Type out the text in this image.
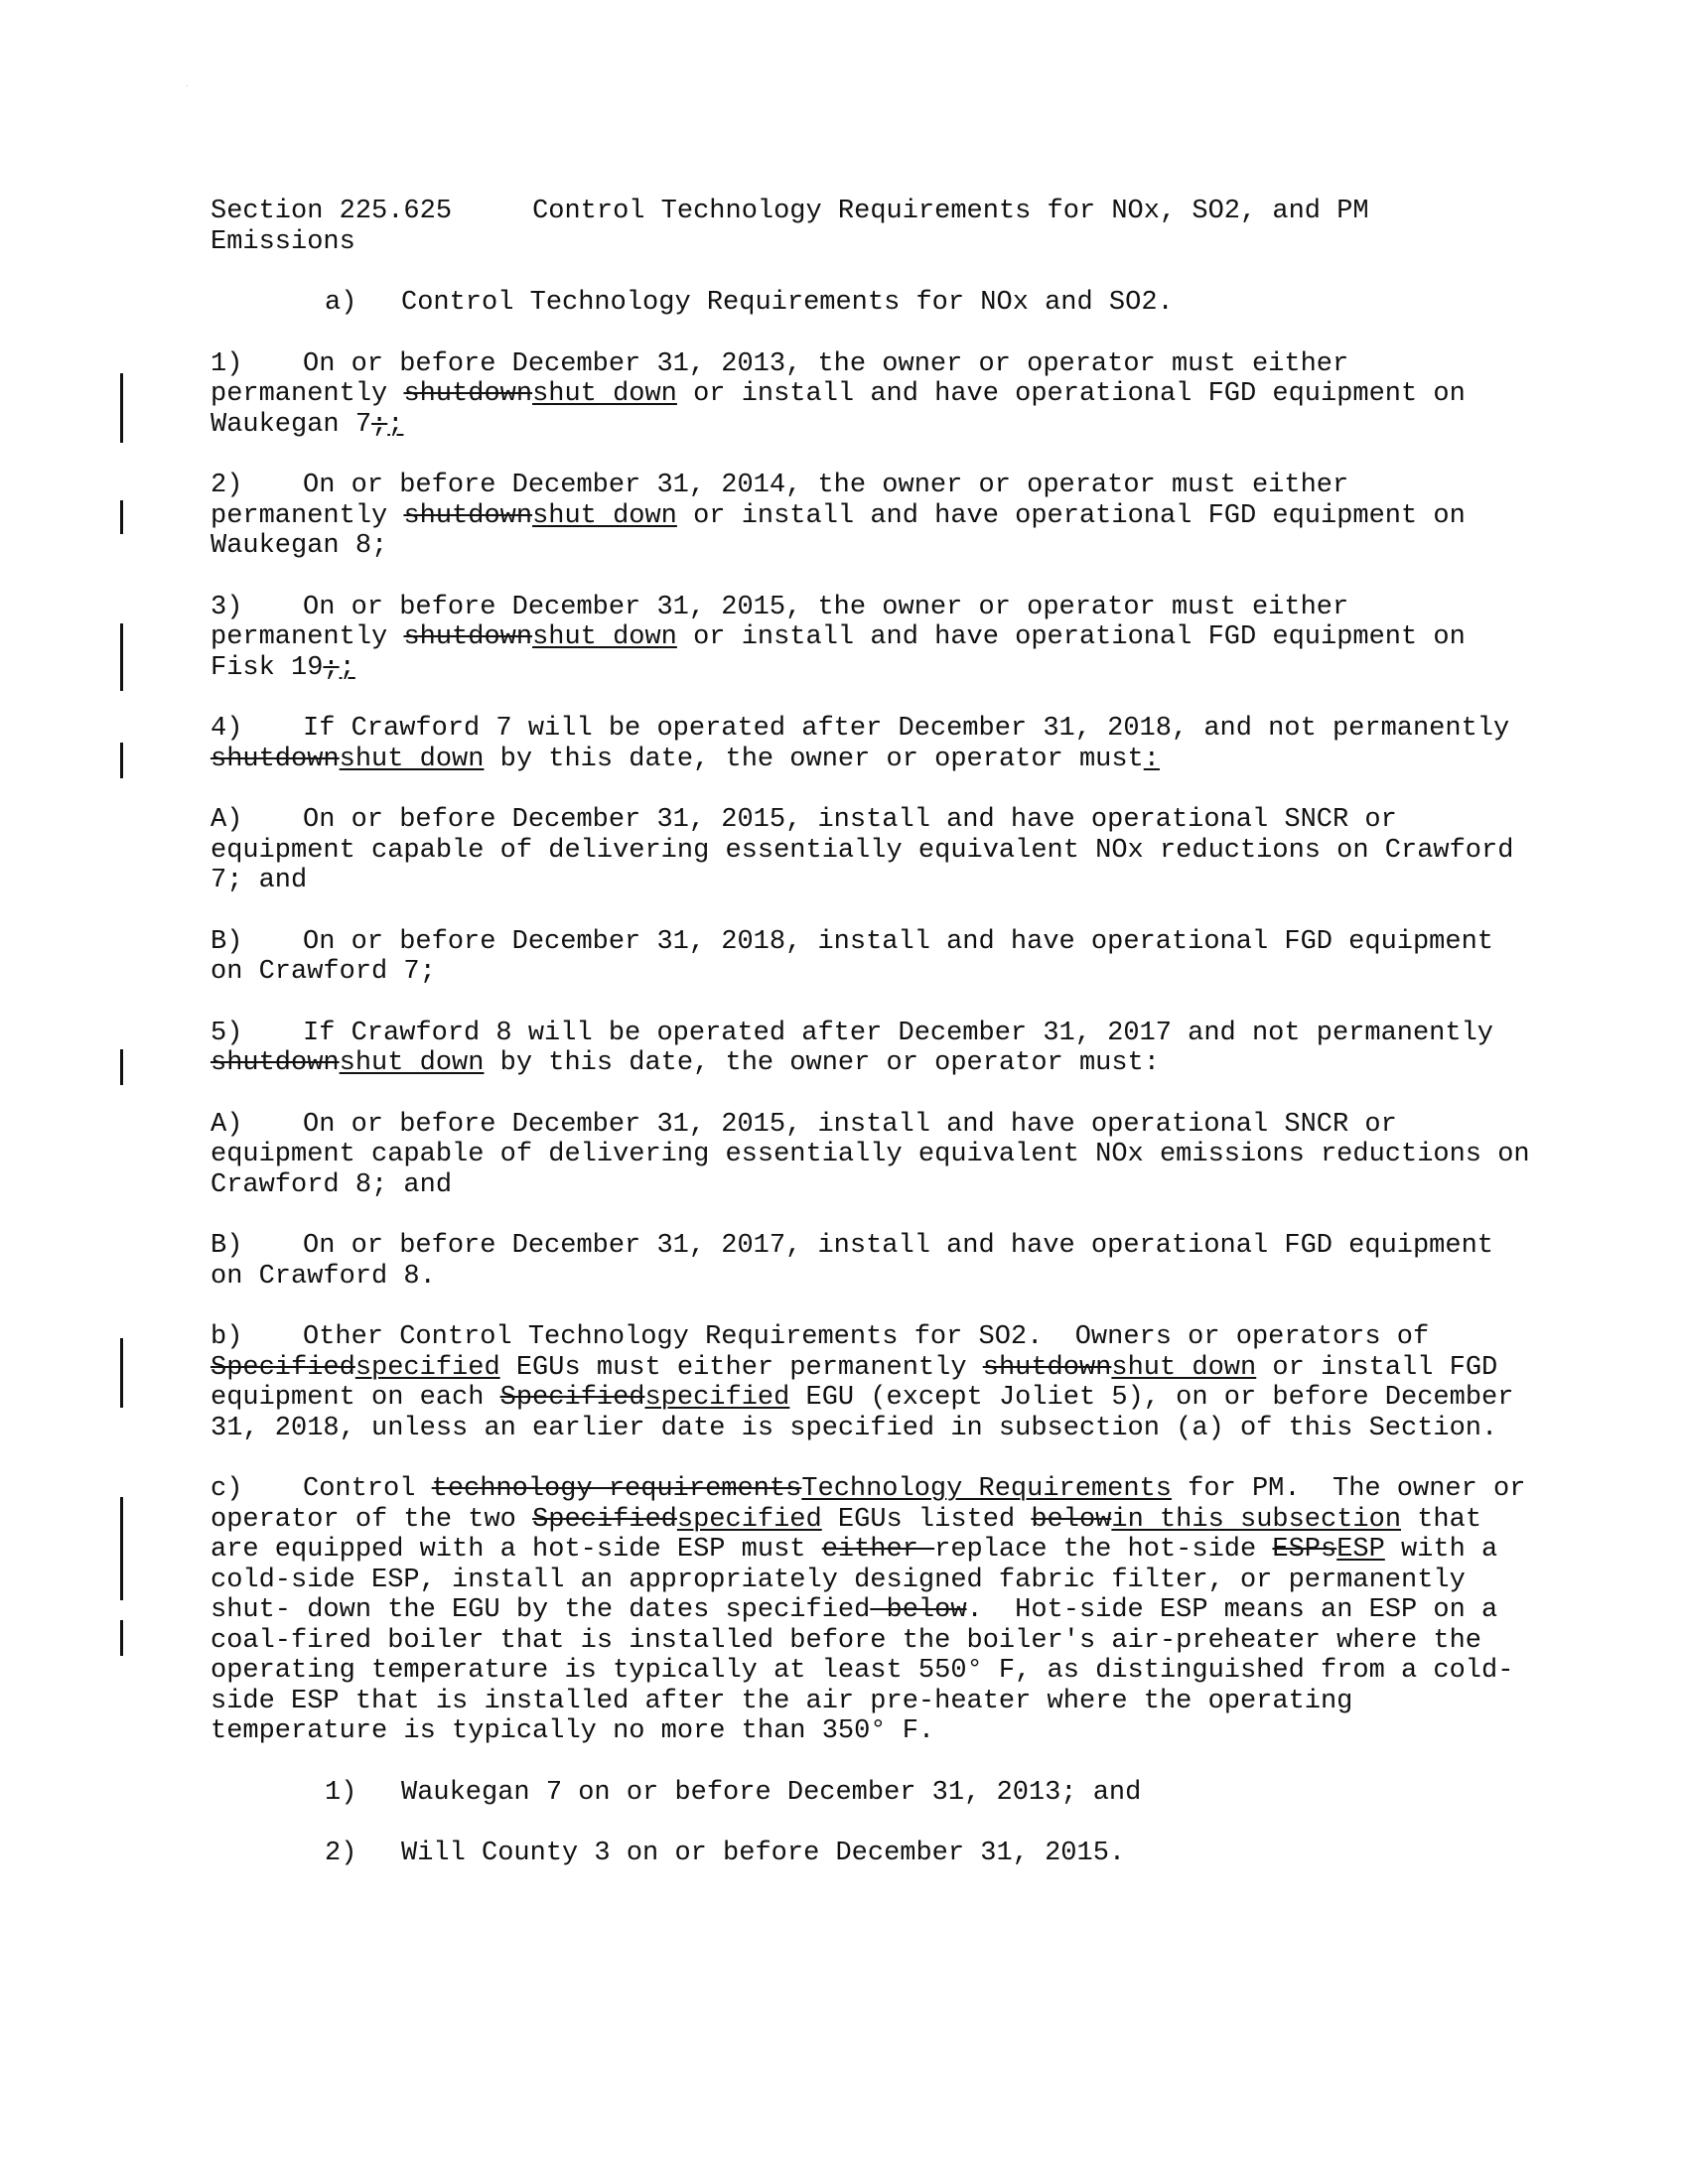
Section 225.625	Control Technology Requirements for NOx, SO2, and PM
Emissions

a) Control Technology Requirements for NOx and SO2.

1) On or before December 31, 2013, the owner or operator must either permanently shutdownshut down or install and have operational FGD equipment on Waukegan 7;;

2) On or before December 31, 2014, the owner or operator must either permanently shutdownshut down or install and have operational FGD equipment on Waukegan 8;

3) On or before December 31, 2015, the owner or operator must either permanently shutdownshut down or install and have operational FGD equipment on Fisk 19;;

4) If Crawford 7 will be operated after December 31, 2018, and not permanently shutdownshut down by this date, the owner or operator must:

A) On or before December 31, 2015, install and have operational SNCR or equipment capable of delivering essentially equivalent NOx reductions on Crawford 7; and

B) On or before December 31, 2018, install and have operational FGD equipment on Crawford 7;

5) If Crawford 8 will be operated after December 31, 2017 and not permanently shutdownshut down by this date, the owner or operator must:

A) On or before December 31, 2015, install and have operational SNCR or equipment capable of delivering essentially equivalent NOx emissions reductions on Crawford 8; and

B) On or before December 31, 2017, install and have operational FGD equipment on Crawford 8.

b) Other Control Technology Requirements for SO2.  Owners or operators of Specifiedspecified EGUs must either permanently shutdownshut down or install FGD equipment on each Specifiedspecified EGU (except Joliet 5), on or before December 31, 2018, unless an earlier date is specified in subsection (a) of this Section.

c) Control technology requirementsTechnology Requirements for PM.  The owner or operator of the two Specifiedspecified EGUs listed belowin this subsection that are equipped with a hot-side ESP must either replace the hot-side ESPsESP with a cold-side ESP, install an appropriately designed fabric filter, or permanently shut- down the EGU by the dates specified below.  Hot-side ESP means an ESP on a coal-fired boiler that is installed before the boiler's air-preheater where the operating temperature is typically at least 550° F, as distinguished from a cold-side ESP that is installed after the air pre-heater where the operating temperature is typically no more than 350° F.

1) Waukegan 7 on or before December 31, 2013; and

2) Will County 3 on or before December 31, 2015.
